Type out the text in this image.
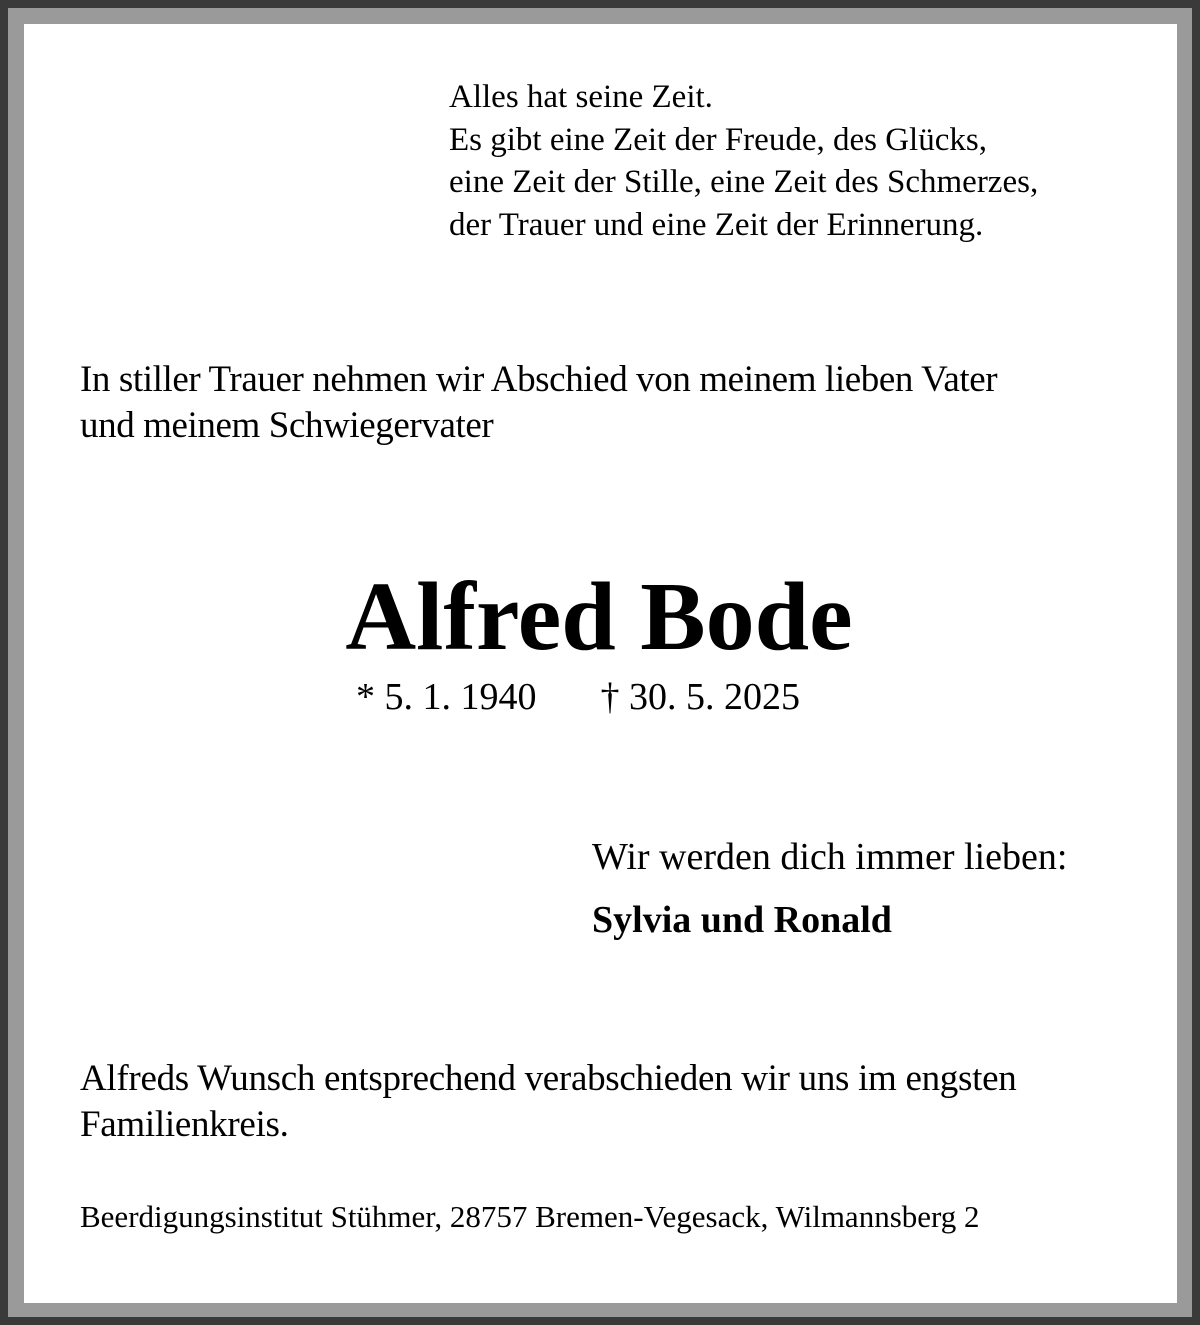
Alles hat seine Zeit.
Es gibt eine Zeit der Freude, des Glücks,
eine Zeit der Stille, eine Zeit des Schmerzes,
der Trauer und eine Zeit der Erinnerung.
In stiller Trauer nehmen wir Abschied von meinem lieben Vater
und meinem Schwiegervater
Alfred Bode
* 5. 1. 1940 † 30. 5. 2025
Wir werden dich immer lieben:
Sylvia und Ronald
Alfreds Wunsch entsprechend verabschieden wir uns im engsten
Familienkreis.
Beerdigungsinstitut Stühmer, 28757 Bremen-Vegesack, Wilmannsberg 2
